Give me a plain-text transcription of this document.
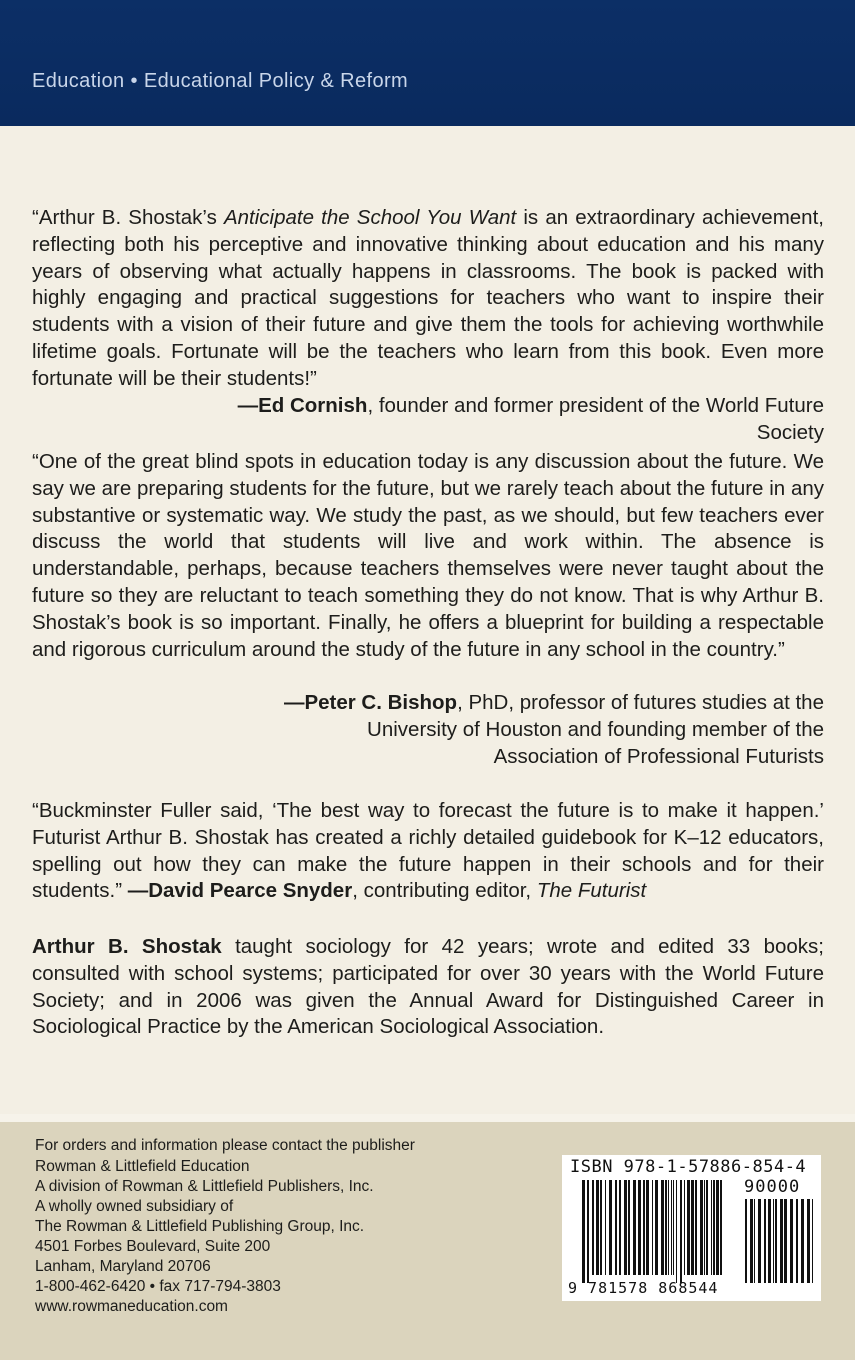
Education • Educational Policy & Reform

“Arthur B. Shostak’s Anticipate the School You Want is an extraordinary achievement, reflecting both his perceptive and innovative thinking about education and his many years of observing what actually happens in classrooms. The book is packed with highly engaging and practical suggestions for teachers who want to inspire their students with a vision of their future and give them the tools for achieving worthwhile lifetime goals. Fortunate will be the teachers who learn from this book. Even more fortunate will be their students!”

—Ed Cornish, founder and former president of the World Future Society

“One of the great blind spots in education today is any discussion about the future. We say we are preparing students for the future, but we rarely teach about the future in any substantive or systematic way. We study the past, as we should, but few teachers ever discuss the world that students will live and work within. The absence is understandable, perhaps, because teachers themselves were never taught about the future so they are reluctant to teach something they do not know. That is why Arthur B. Shostak’s book is so important. Finally, he offers a blueprint for building a respectable and rigorous curriculum around the study of the future in any school in the country.”

—Peter C. Bishop, PhD, professor of futures studies at the University of Houston and founding member of the Association of Professional Futurists

“Buckminster Fuller said, ‘The best way to forecast the future is to make it happen.’ Futurist Arthur B. Shostak has created a richly detailed guidebook for K–12 educators, spelling out how they can make the future happen in their schools and for their students.” —David Pearce Snyder, contributing editor, The Futurist

Arthur B. Shostak taught sociology for 42 years; wrote and edited 33 books; consulted with school systems; participated for over 30 years with the World Future Society; and in 2006 was given the Annual Award for Distinguished Career in Sociological Practice by the American Sociological Association.

For orders and information please contact the publisher

Rowman & Littlefield Education

A division of Rowman & Littlefield Publishers, Inc.

A wholly owned subsidiary of

The Rowman & Littlefield Publishing Group, Inc.

4501 Forbes Boulevard, Suite 200

Lanham, Maryland 20706

1-800-462-6420 • fax 717-794-3803

www.rowmaneducation.com

ISBN 978-1-57886-854-4
90000
9 781578 868544
